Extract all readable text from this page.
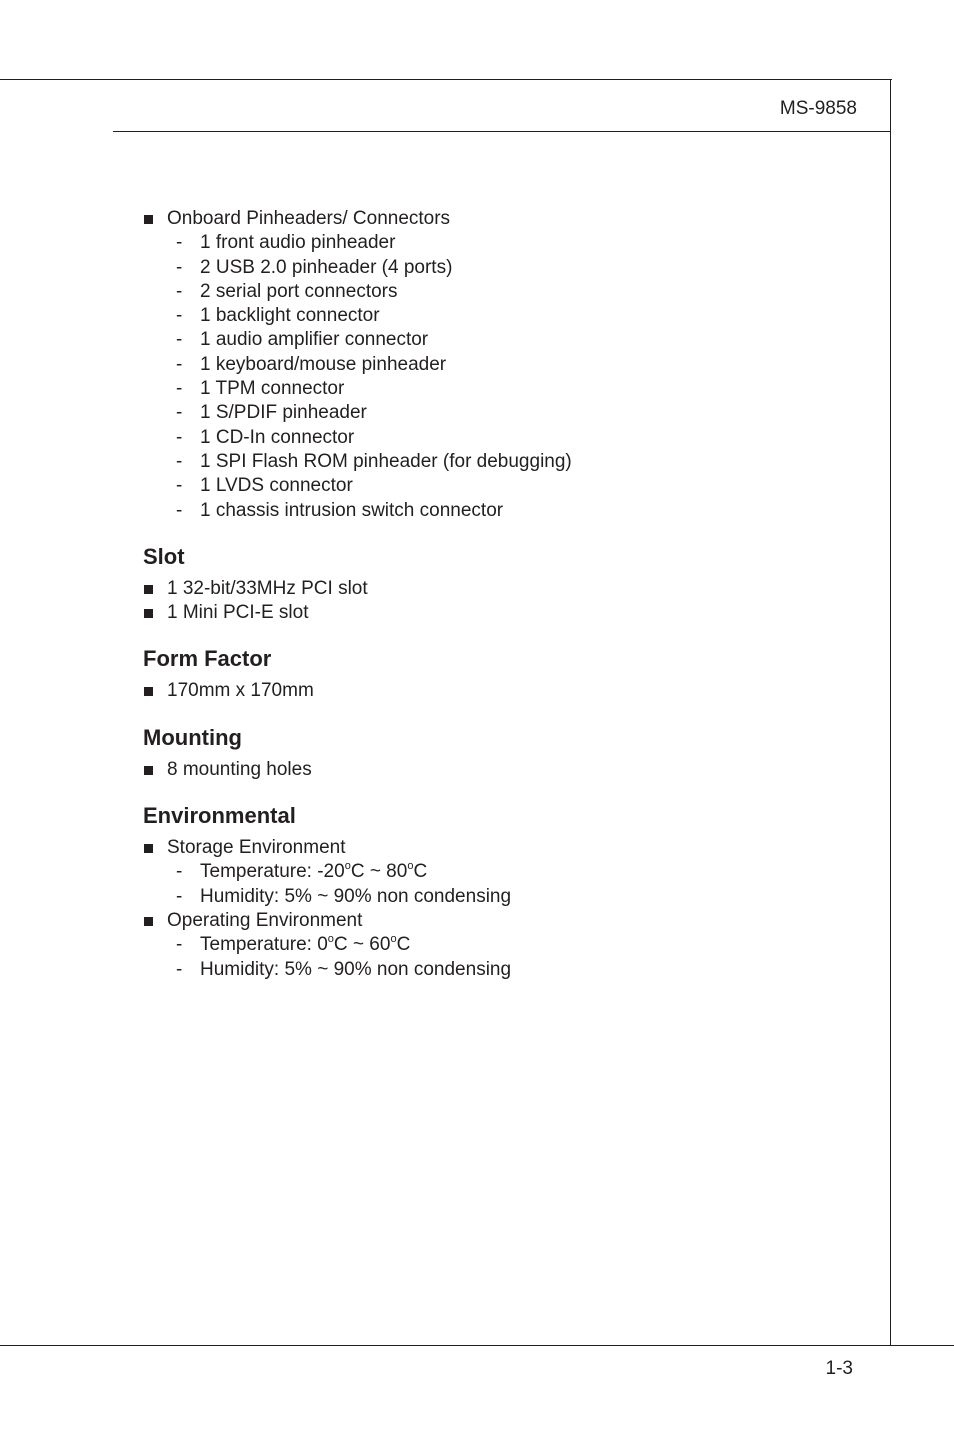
MS-9858
1-3
Onboard Pinheaders/ Connectors
- 1 front audio pinheader
- 2 USB 2.0 pinheader (4 ports)
- 2 serial port connectors
- 1 backlight connector
- 1 audio amplifier connector
- 1 keyboard/mouse pinheader
- 1 TPM connector
- 1 S/PDIF pinheader
- 1 CD-In connector
- 1 SPI Flash ROM pinheader (for debugging)
- 1 LVDS connector
- 1 chassis intrusion switch connector
Slot
1 32-bit/33MHz PCI slot
1 Mini PCI-E slot
Form Factor
170mm x 170mm
Mounting
8 mounting holes
Environmental
Storage Environment
- Temperature: -20$^o$C ~ 80$^o$C
- Humidity: 5% ~ 90% non condensing
Operating Environment
- Temperature: 0$^o$C ~ 60$^o$C
- Humidity: 5% ~ 90% non condensing
